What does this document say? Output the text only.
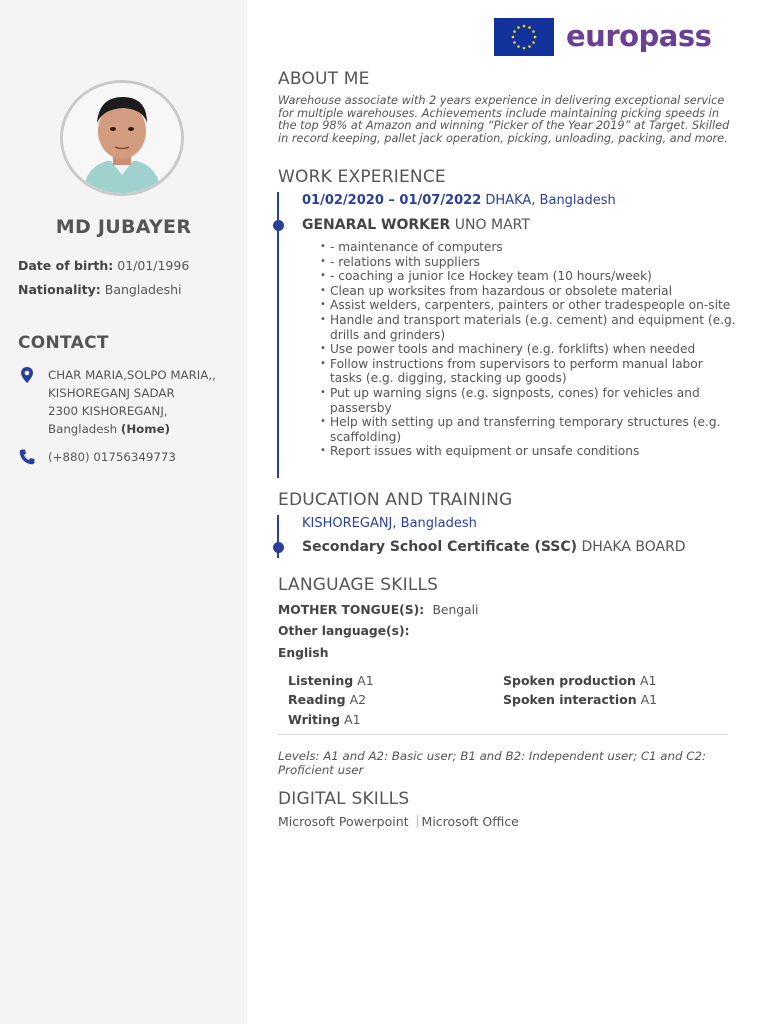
MD JUBAYER
Date of birth: 01/01/1996
Nationality: Bangladeshi
CONTACT
CHAR MARIA,SOLPO MARIA,,
KISHOREGANJ SADAR
2300 KISHOREGANJ,
Bangladesh (Home)
(+880) 01756349773
europass
ABOUT ME
Warehouse associate with 2 years experience in delivering exceptional service for multiple warehouses. Achievements include maintaining picking speeds in the top 98% at Amazon and winning “Picker of the Year 2019” at Target. Skilled in record keeping, pallet jack operation, picking, unloading, packing, and more.
WORK EXPERIENCE
01/02/2020 – 01/07/2022 DHAKA, Bangladesh
GENARAL WORKER UNO MART
• - maintenance of computers
• - relations with suppliers
• - coaching a junior Ice Hockey team (10 hours/week)
• Clean up worksites from hazardous or obsolete material
• Assist welders, carpenters, painters or other tradespeople on-site
• Handle and transport materials (e.g. cement) and equipment (e.g. drills and grinders)
• Use power tools and machinery (e.g. forklifts) when needed
• Follow instructions from supervisors to perform manual labor tasks (e.g. digging, stacking up goods)
• Put up warning signs (e.g. signposts, cones) for vehicles and passersby
• Help with setting up and transferring temporary structures (e.g. scaffolding)
• Report issues with equipment or unsafe conditions
EDUCATION AND TRAINING
KISHOREGANJ, Bangladesh
Secondary School Certificate (SSC) DHAKA BOARD
LANGUAGE SKILLS
MOTHER TONGUE(S): Bengali
Other language(s):
English
Listening A1
Reading A2
Writing A1
Spoken production A1
Spoken interaction A1
Levels: A1 and A2: Basic user; B1 and B2: Independent user; C1 and C2: Proficient user
DIGITAL SKILLS
Microsoft Powerpoint Microsoft Office
